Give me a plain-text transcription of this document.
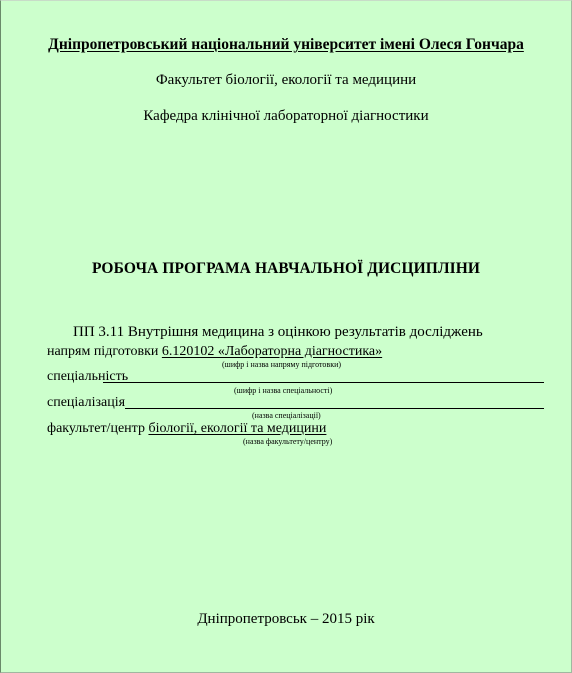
Дніпропетровський національний університет імені Олеся Гончара
Факультет біології, екології та медицини
Кафедра клінічної лабораторної діагностики
РОБОЧА ПРОГРАМА НАВЧАЛЬНОЇ ДИСЦИПЛІНИ
ПП 3.11 Внутрішня медицина з оцінкою результатів досліджень
напрям підготовки 6.120102 «Лабораторна діагностика»
(шифр і назва напряму підготовки)
спеціальність
(шифр і назва спеціальності)
спеціалізація
(назва спеціалізації)
факультет/центр біології, екології та медицини
(назва факультету/центру)
Дніпропетровськ – 2015 рік
